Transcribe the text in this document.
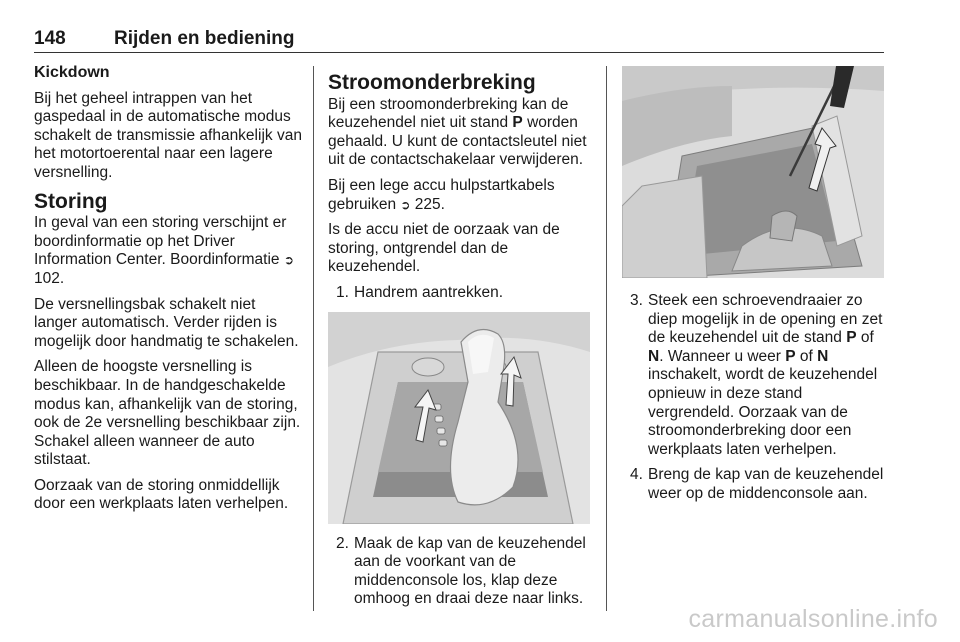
148	Rijden en bediening
Kickdown

Bij het geheel intrappen van het gaspedaal in de automatische modus schakelt de transmissie afhankelijk van het motortoerental naar een lagere versnelling.

Storing

In geval van een storing verschijnt er boordinformatie op het Driver Information Center. Boordinformatie ➲ 102.

De versnellingsbak schakelt niet langer automatisch. Verder rijden is mogelijk door handmatig te schakelen.

Alleen de hoogste versnelling is beschikbaar. In de handgeschakelde modus kan, afhankelijk van de storing, ook de 2e versnelling beschikbaar zijn. Schakel alleen wanneer de auto stilstaat.

Oorzaak van de storing onmiddellijk door een werkplaats laten verhelpen.

Stroomonderbreking

Bij een stroomonderbreking kan de keuzehendel niet uit stand P worden gehaald. U kunt de contactsleutel niet uit de contactschakelaar verwijderen.

Bij een lege accu hulpstartkabels gebruiken ➲ 225.

Is de accu niet de oorzaak van de storing, ontgrendel dan de keuzehendel.

1. Handrem aantrekken.
2. Maak de kap van de keuzehendel aan de voorkant van de middenconsole los, klap deze omhoog en draai deze naar links.
3. Steek een schroevendraaier zo diep mogelijk in de opening en zet de keuzehendel uit de stand P of N. Wanneer u weer P of N inschakelt, wordt de keuzehendel opnieuw in deze stand vergrendeld. Oorzaak van de stroomonderbreking door een werkplaats laten verhelpen.
4. Breng de kap van de keuzehendel weer op de middenconsole aan.
carmanualsonline.info
